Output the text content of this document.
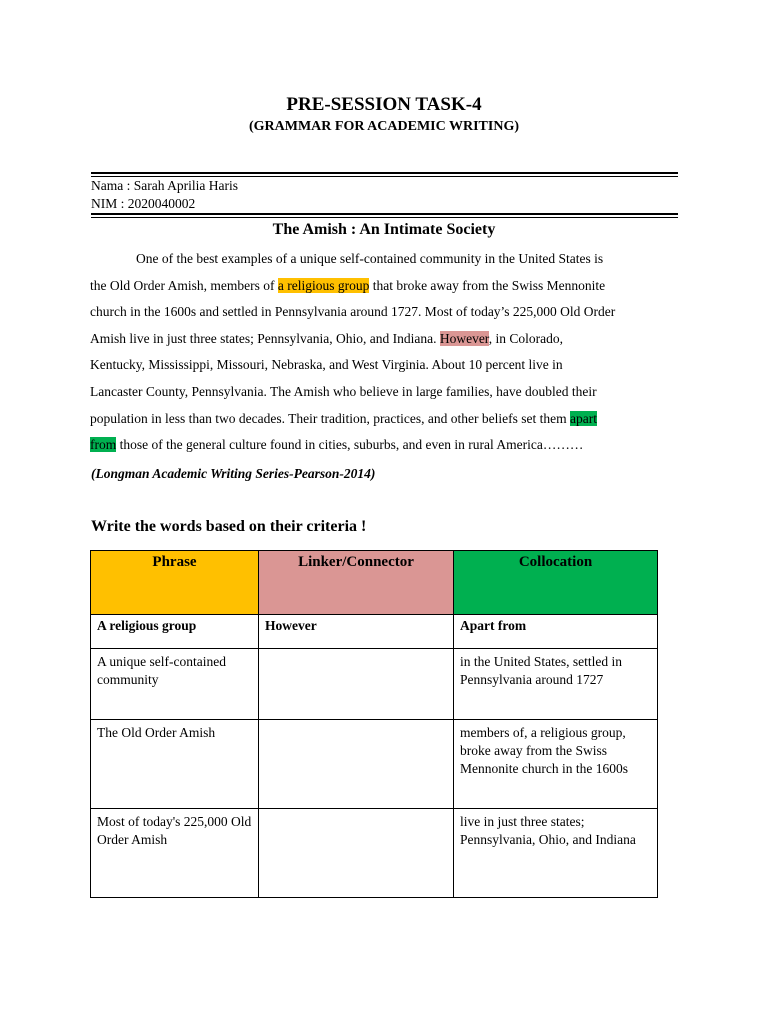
PRE-SESSION TASK-4
(GRAMMAR FOR ACADEMIC WRITING)
Nama : Sarah Aprilia Haris
NIM : 2020040002
The Amish : An Intimate Society
One of the best examples of a unique self-contained community in the United States is
the Old Order Amish, members of a religious group that broke away from the Swiss Mennonite
church in the 1600s and settled in Pennsylvania around 1727. Most of today’s 225,000 Old Order
Amish live in just three states; Pennsylvania, Ohio, and Indiana. However, in Colorado,
Kentucky, Mississippi, Missouri, Nebraska, and West Virginia. About 10 percent live in
Lancaster County, Pennsylvania. The Amish who believe in large families, have doubled their
population in less than two decades. Their tradition, practices, and other beliefs set them apart
from those of the general culture found in cities, suburbs, and even in rural America………
(Longman Academic Writing Series-Pearson-2014)
Write the words based on their criteria !
Phrase	Linker/Connector	Collocation
A religious group	However	Apart from
A unique self-contained community		in the United States, settled in Pennsylvania around 1727
The Old Order Amish		members of, a religious group, broke away from the Swiss Mennonite church in the 1600s
Most of today's 225,000 Old Order Amish		live in just three states; Pennsylvania, Ohio, and Indiana
